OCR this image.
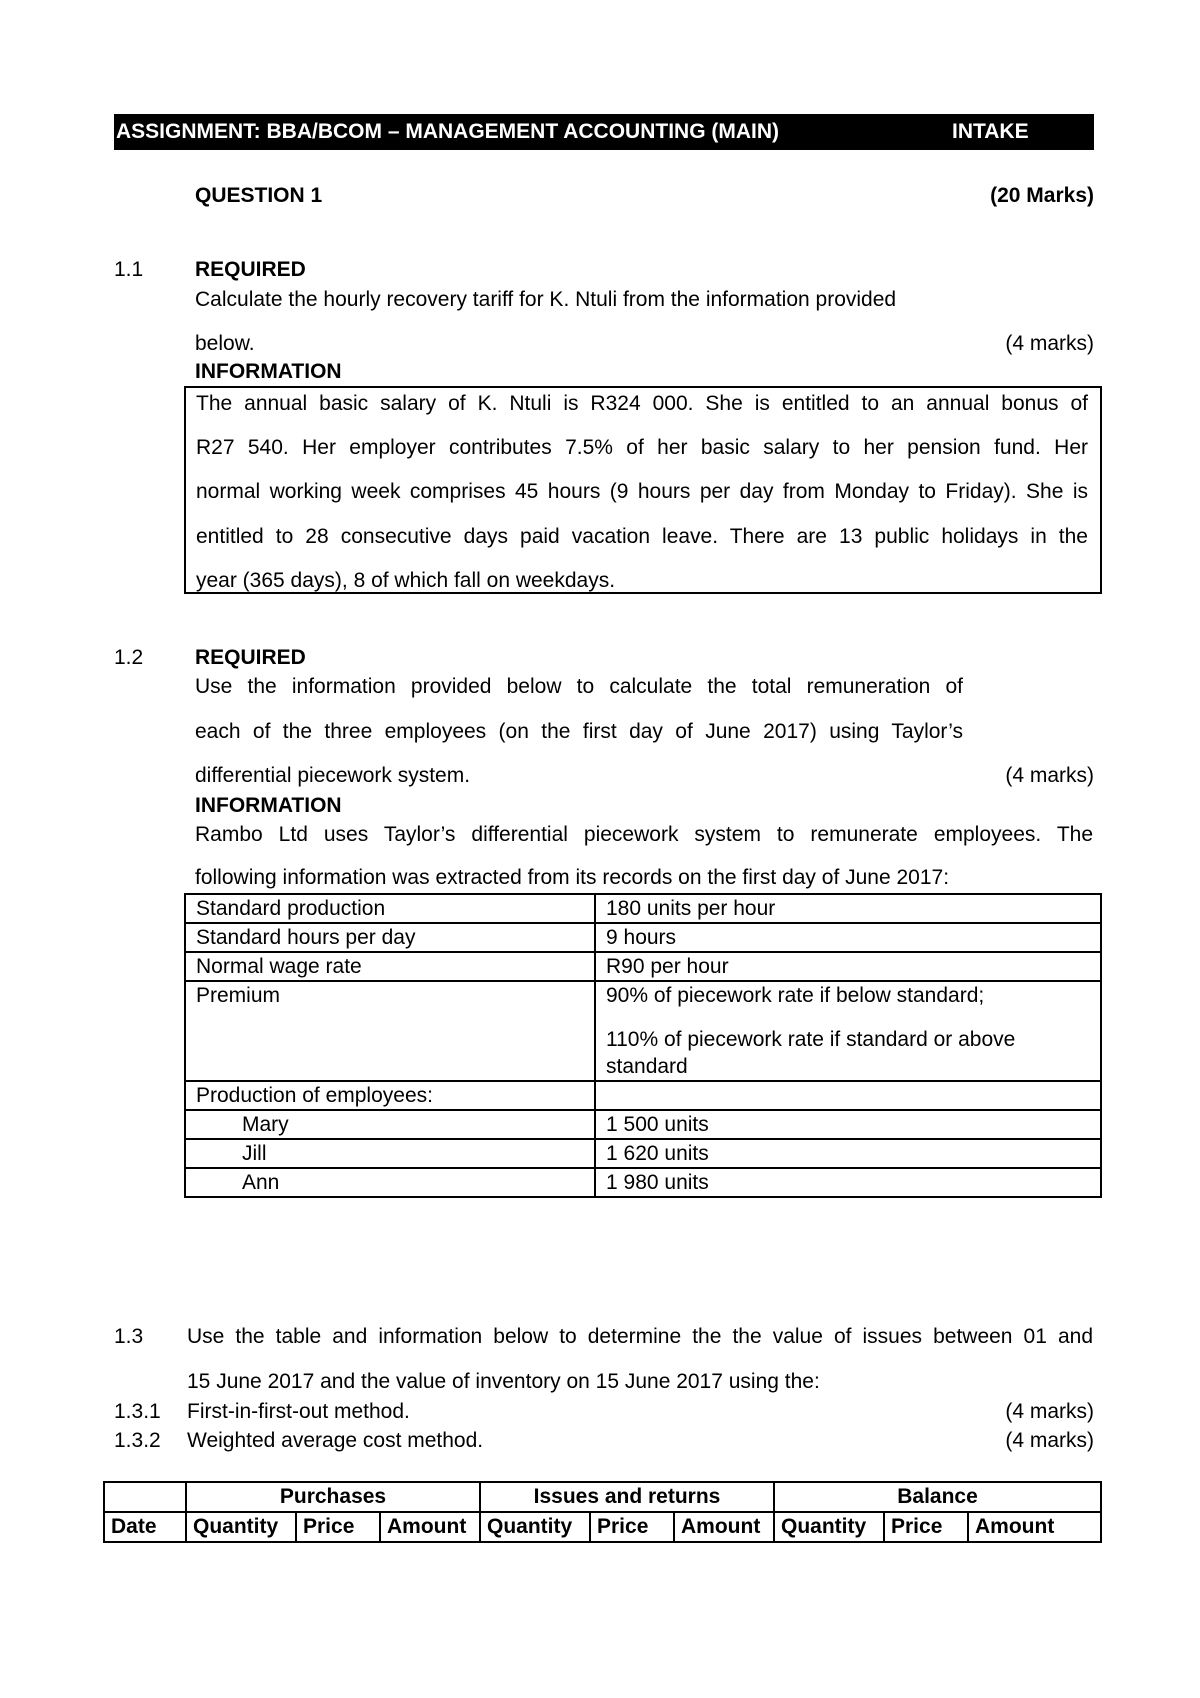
ASSIGNMENT: BBA/BCOM – MANAGEMENT ACCOUNTING (MAIN)	INTAKE
QUESTION 1	(20 Marks)
1.1 REQUIRED
Calculate the hourly recovery tariff for K. Ntuli from the information provided
below.	(4 marks)
INFORMATION
The annual basic salary of K. Ntuli is R324 000. She is entitled to an annual bonus of
R27 540. Her employer contributes 7.5% of her basic salary to her pension fund. Her
normal working week comprises 45 hours (9 hours per day from Monday to Friday). She is
entitled to 28 consecutive days paid vacation leave. There are 13 public holidays in the
year (365 days), 8 of which fall on weekdays.
1.2 REQUIRED
Use the information provided below to calculate the total remuneration of
each of the three employees (on the first day of June 2017) using Taylor’s
differential piecework system.	(4 marks)
INFORMATION
Rambo Ltd uses Taylor’s differential piecework system to remunerate employees. The
following information was extracted from its records on the first day of June 2017:
Standard production	180 units per hour
Standard hours per day	9 hours
Normal wage rate	R90 per hour
Premium	90% of piecework rate if below standard;
110% of piecework rate if standard or above standard

Production of employees:	
Mary	1 500 units
Jill	1 620 units
Ann	1 980 units
1.3 Use the table and information below to determine the the value of issues between 01 and
15 June 2017 and the value of inventory on 15 June 2017 using the:
1.3.1 First-in-first-out method.	(4 marks)
1.3.2 Weighted average cost method.	(4 marks)
	Purchases			Issues and returns			Balance		
Date	Quantity	Price	Amount	Quantity	Price	Amount	Quantity	Price	Amount
